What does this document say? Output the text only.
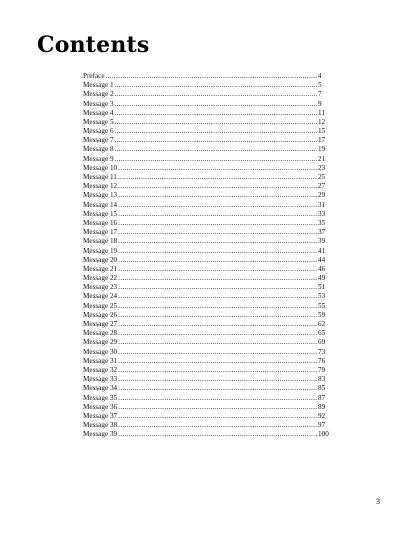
Contents
Preface .....	4
Message 1 .....	5
Message 2 .....	7
Message 3 .....	9
Message 4 .....	11
Message 5 .....	12
Message 6 .....	15
Message 7 .....	17
Message 8 .....	19
Message 9 .....	21
Message 10 .....	23
Message 11 .....	25
Message 12 .....	27
Message 13 .....	29
Message 14 .....	31
Message 15 .....	33
Message 16 .....	35
Message 17 .....	37
Message 18 .....	39
Message 19 .....	41
Message 20 .....	44
Message 21 .....	46
Message 22 .....	49
Message 23 .....	51
Message 24 .....	53
Message 25 .....	55
Message 26 .....	59
Message 27 .....	62
Message 28 .....	65
Message 29 .....	69
Message 30 .....	73
Message 31 .....	76
Message 32 .....	79
Message 33 .....	83
Message 34 .....	85
Message 35 .....	87
Message 36 .....	89
Message 37 .....	92
Message 38 .....	97
Message 39 .....	100
3
